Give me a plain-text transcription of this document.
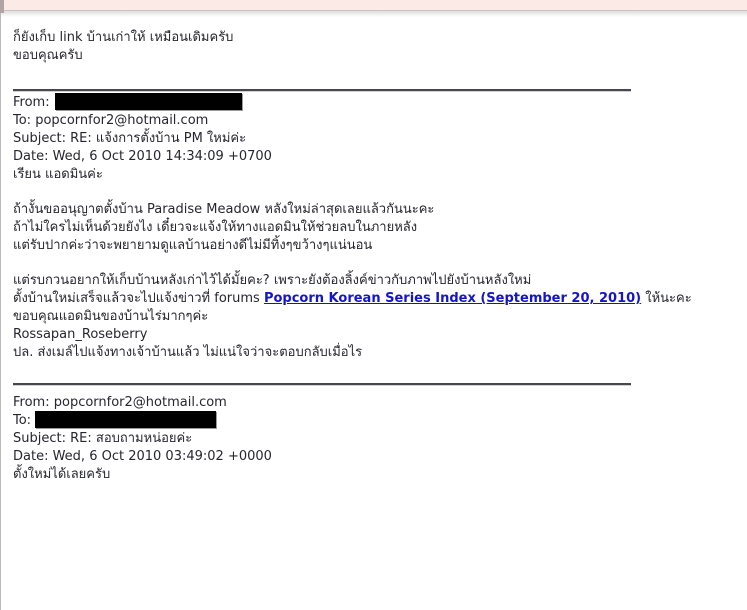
ก็ยังเก็บ link บ้านเก่าให้ เหมือนเดิมครับ

ขอบคุณครับ

From:

To: popcornfor2@hotmail.com

Subject: RE: แจ้งการตั้งบ้าน PM ใหม่ค่ะ

Date: Wed, 6 Oct 2010 14:34:09 +0700

เรียน แอดมินค่ะ

ถ้างั้นขออนุญาตตั้งบ้าน Paradise Meadow หลังใหม่ล่าสุดเลยแล้วกันนะคะ

ถ้าไม่ใครไม่เห็นด้วยยังไง เดี๋ยวจะแจ้งให้ทางแอดมินให้ช่วยลบในภายหลัง

แต่รับปากค่ะว่าจะพยายามดูแลบ้านอย่างดีไม่มีทิ้งๆขว้างๆแน่นอน

แต่รบกวนอยากให้เก็บบ้านหลังเก่าไว้ได้มั้ยคะ? เพราะยังต้องลิ้งค์ข่าวกับภาพไปยังบ้านหลังใหม่

ตั้งบ้านใหม่เสร็จแล้วจะไปแจ้งข่าวที่ forums Popcorn Korean Series Index (September 20, 2010) ให้นะคะ

ขอบคุณแอดมินของบ้านไร่มากๆค่ะ

Rossapan_Roseberry

ปล. ส่งเมล์ไปแจ้งทางเจ้าบ้านแล้ว ไม่แน่ใจว่าจะตอบกลับเมื่อไร

From: popcornfor2@hotmail.com

To:

Subject: RE: สอบถามหน่อยค่ะ

Date: Wed, 6 Oct 2010 03:49:02 +0000

ตั้งใหม่ได้เลยครับ
